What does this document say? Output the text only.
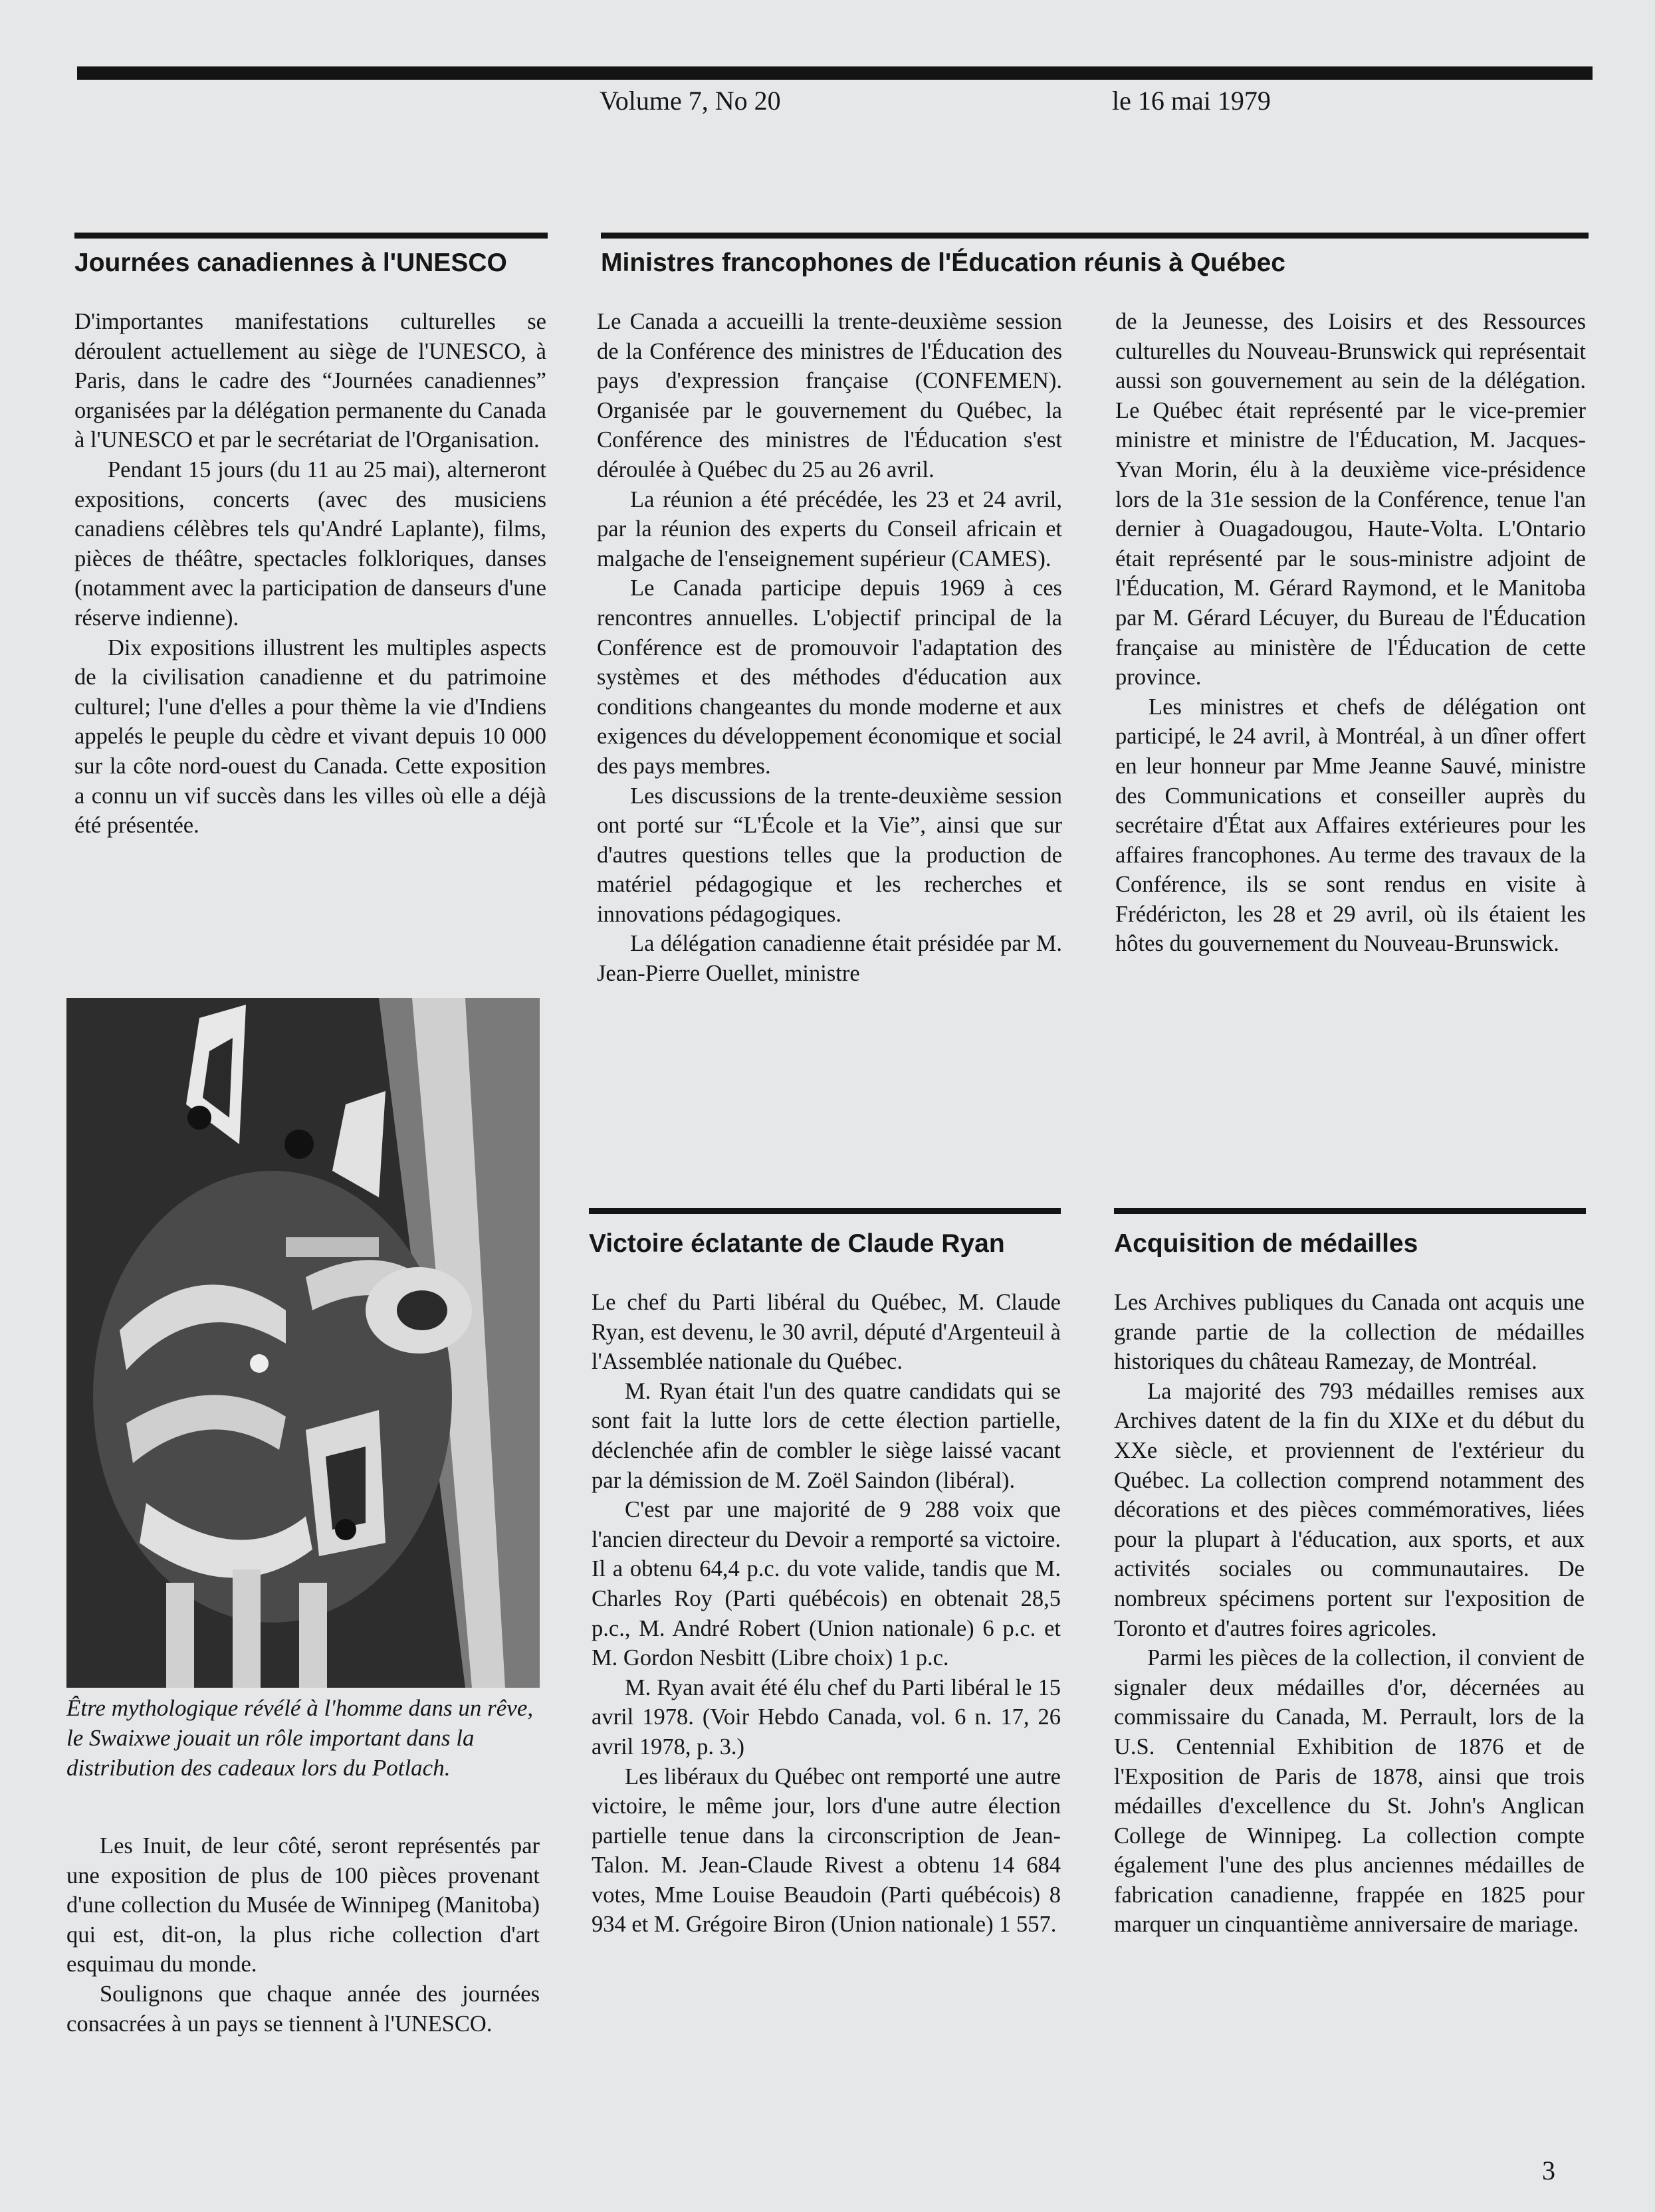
Volume 7, No 20	le 16 mai 1979
Journées canadiennes à l'UNESCO

D'importantes manifestations culturelles se déroulent actuellement au siège de l'UNESCO, à Paris, dans le cadre des “Journées canadiennes” organisées par la délégation permanente du Canada à l'UNESCO et par le secrétariat de l'Organisation.

Pendant 15 jours (du 11 au 25 mai), alterneront expositions, concerts (avec des musiciens canadiens célèbres tels qu'André Laplante), films, pièces de théâtre, spectacles folkloriques, danses (notamment avec la participation de danseurs d'une réserve indienne).

Dix expositions illustrent les multiples aspects de la civilisation canadienne et du patrimoine culturel; l'une d'elles a pour thème la vie d'Indiens appelés le peuple du cèdre et vivant depuis 10 000 sur la côte nord-ouest du Canada. Cette exposition a connu un vif succès dans les villes où elle a déjà été présentée.

Être mythologique révélé à l'homme dans un rêve, le Swaixwe jouait un rôle important dans la distribution des cadeaux lors du Potlach.

Les Inuit, de leur côté, seront représentés par une exposition de plus de 100 pièces provenant d'une collection du Musée de Winnipeg (Manitoba) qui est, dit-on, la plus riche collection d'art esquimau du monde.

Soulignons que chaque année des journées consacrées à un pays se tiennent à l'UNESCO.

Ministres francophones de l'Éducation réunis à Québec

Le Canada a accueilli la trente-deuxième session de la Conférence des ministres de l'Éducation des pays d'expression française (CONFEMEN). Organisée par le gouvernement du Québec, la Conférence des ministres de l'Éducation s'est déroulée à Québec du 25 au 26 avril.

La réunion a été précédée, les 23 et 24 avril, par la réunion des experts du Conseil africain et malgache de l'enseignement supérieur (CAMES).

Le Canada participe depuis 1969 à ces rencontres annuelles. L'objectif principal de la Conférence est de promouvoir l'adaptation des systèmes et des méthodes d'éducation aux conditions changeantes du monde moderne et aux exigences du développement économique et social des pays membres.

Les discussions de la trente-deuxième session ont porté sur “L'École et la Vie”, ainsi que sur d'autres questions telles que la production de matériel pédagogique et les recherches et innovations pédagogiques.

La délégation canadienne était présidée par M. Jean-Pierre Ouellet, ministre

de la Jeunesse, des Loisirs et des Ressources culturelles du Nouveau-Brunswick qui représentait aussi son gouvernement au sein de la délégation. Le Québec était représenté par le vice-premier ministre et ministre de l'Éducation, M. Jacques-Yvan Morin, élu à la deuxième vice-présidence lors de la 31e session de la Conférence, tenue l'an dernier à Ouagadougou, Haute-Volta. L'Ontario était représenté par le sous-ministre adjoint de l'Éducation, M. Gérard Raymond, et le Manitoba par M. Gérard Lécuyer, du Bureau de l'Éducation française au ministère de l'Éducation de cette province.

Les ministres et chefs de délégation ont participé, le 24 avril, à Montréal, à un dîner offert en leur honneur par Mme Jeanne Sauvé, ministre des Communications et conseiller auprès du secrétaire d'État aux Affaires extérieures pour les affaires francophones. Au terme des travaux de la Conférence, ils se sont rendus en visite à Frédéricton, les 28 et 29 avril, où ils étaient les hôtes du gouvernement du Nouveau-Brunswick.

Victoire éclatante de Claude Ryan

Le chef du Parti libéral du Québec, M. Claude Ryan, est devenu, le 30 avril, député d'Argenteuil à l'Assemblée nationale du Québec.

M. Ryan était l'un des quatre candidats qui se sont fait la lutte lors de cette élection partielle, déclenchée afin de combler le siège laissé vacant par la démission de M. Zoël Saindon (libéral).

C'est par une majorité de 9 288 voix que l'ancien directeur du Devoir a remporté sa victoire. Il a obtenu 64,4 p.c. du vote valide, tandis que M. Charles Roy (Parti québécois) en obtenait 28,5 p.c., M. André Robert (Union nationale) 6 p.c. et M. Gordon Nesbitt (Libre choix) 1 p.c.

M. Ryan avait été élu chef du Parti libéral le 15 avril 1978. (Voir Hebdo Canada, vol. 6 n. 17, 26 avril 1978, p. 3.)

Les libéraux du Québec ont remporté une autre victoire, le même jour, lors d'une autre élection partielle tenue dans la circonscription de Jean-Talon. M. Jean-Claude Rivest a obtenu 14 684 votes, Mme Louise Beaudoin (Parti québécois) 8 934 et M. Grégoire Biron (Union nationale) 1 557.

Acquisition de médailles

Les Archives publiques du Canada ont acquis une grande partie de la collection de médailles historiques du château Ramezay, de Montréal.

La majorité des 793 médailles remises aux Archives datent de la fin du XIXe et du début du XXe siècle, et proviennent de l'extérieur du Québec. La collection comprend notamment des décorations et des pièces commémoratives, liées pour la plupart à l'éducation, aux sports, et aux activités sociales ou communautaires. De nombreux spécimens portent sur l'exposition de Toronto et d'autres foires agricoles.

Parmi les pièces de la collection, il convient de signaler deux médailles d'or, décernées au commissaire du Canada, M. Perrault, lors de la U.S. Centennial Exhibition de 1876 et de l'Exposition de Paris de 1878, ainsi que trois médailles d'excellence du St. John's Anglican College de Winnipeg. La collection compte également l'une des plus anciennes médailles de fabrication canadienne, frappée en 1825 pour marquer un cinquantième anniversaire de mariage.

3
